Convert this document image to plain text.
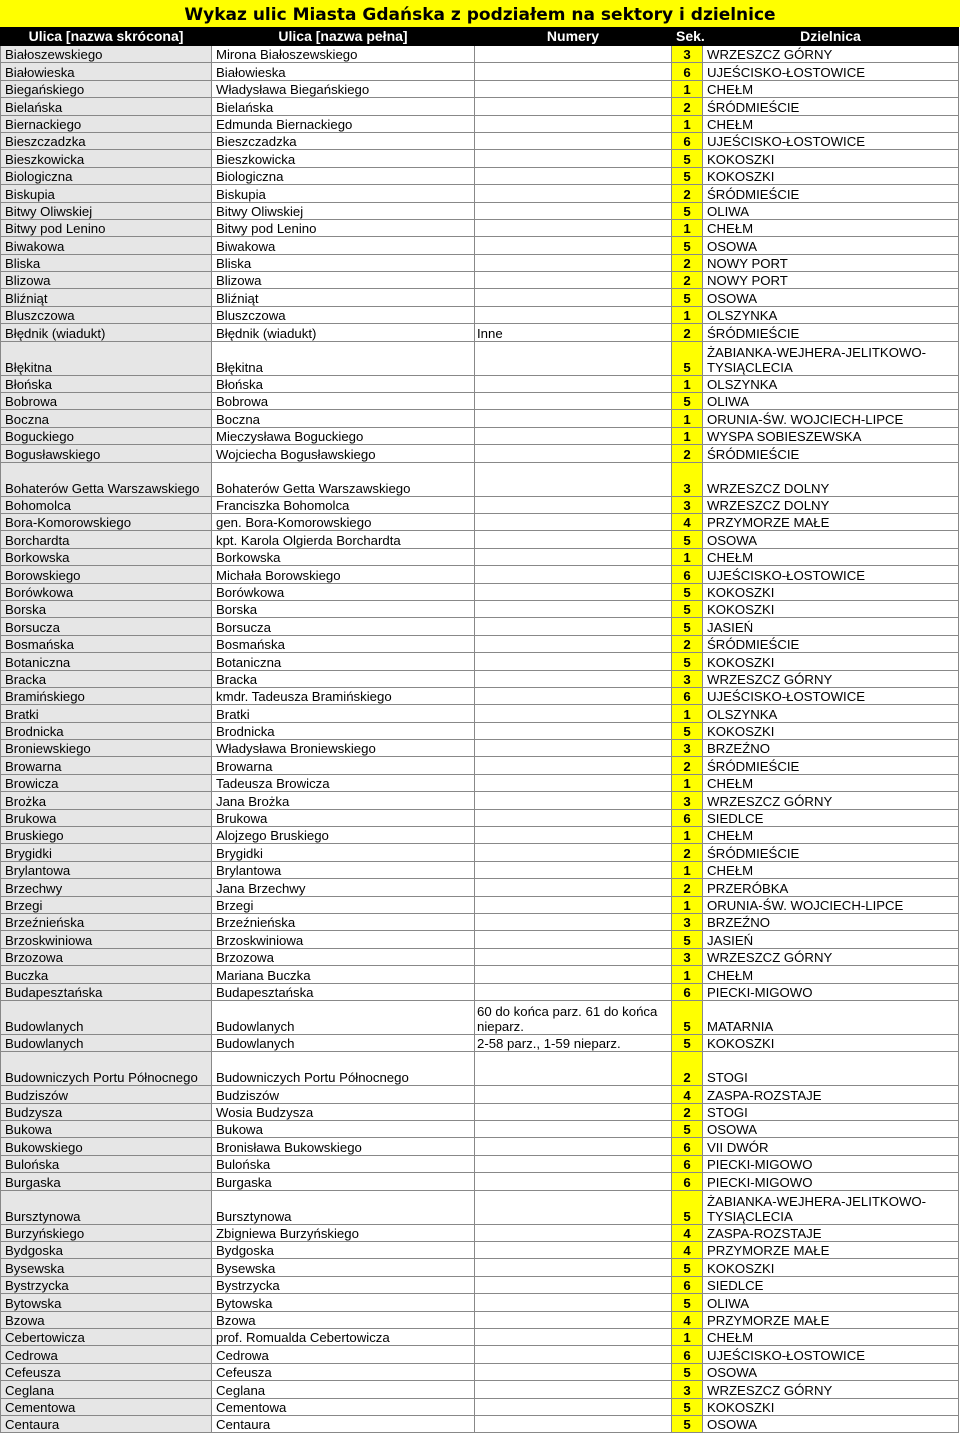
Wykaz ulic Miasta Gdańska z podziałem na sektory i dzielnice
Ulica [nazwa skrócona]	Ulica [nazwa pełna]	Numery	Sek.	Dzielnica
Białoszewskiego	Mirona Białoszewskiego		3	WRZESZCZ GÓRNY
Białowieska	Białowieska		6	UJEŚCISKO-ŁOSTOWICE
Biegańskiego	Władysława Biegańskiego		1	CHEŁM
Bielańska	Bielańska		2	ŚRÓDMIEŚCIE
Biernackiego	Edmunda Biernackiego		1	CHEŁM
Bieszczadzka	Bieszczadzka		6	UJEŚCISKO-ŁOSTOWICE
Bieszkowicka	Bieszkowicka		5	KOKOSZKI
Biologiczna	Biologiczna		5	KOKOSZKI
Biskupia	Biskupia		2	ŚRÓDMIEŚCIE
Bitwy Oliwskiej	Bitwy Oliwskiej		5	OLIWA
Bitwy pod Lenino	Bitwy pod Lenino		1	CHEŁM
Biwakowa	Biwakowa		5	OSOWA
Bliska	Bliska		2	NOWY PORT
Blizowa	Blizowa		2	NOWY PORT
Bliźniąt	Bliźniąt		5	OSOWA
Bluszczowa	Bluszczowa		1	OLSZYNKA
Błędnik (wiadukt)	Błędnik (wiadukt)	Inne	2	ŚRÓDMIEŚCIE
Błękitna	Błękitna		5	ŻABIANKA-WEJHERA-JELITKOWO-TYSIĄCLECIA
Błońska	Błońska		1	OLSZYNKA
Bobrowa	Bobrowa		5	OLIWA
Boczna	Boczna		1	ORUNIA-ŚW. WOJCIECH-LIPCE
Boguckiego	Mieczysława Boguckiego		1	WYSPA SOBIESZEWSKA
Bogusławskiego	Wojciecha Bogusławskiego		2	ŚRÓDMIEŚCIE
Bohaterów Getta Warszawskiego	Bohaterów Getta Warszawskiego		3	WRZESZCZ DOLNY
Bohomolca	Franciszka Bohomolca		3	WRZESZCZ DOLNY
Bora-Komorowskiego	gen. Bora-Komorowskiego		4	PRZYMORZE MAŁE
Borchardta	kpt. Karola Olgierda Borchardta		5	OSOWA
Borkowska	Borkowska		1	CHEŁM
Borowskiego	Michała Borowskiego		6	UJEŚCISKO-ŁOSTOWICE
Borówkowa	Borówkowa		5	KOKOSZKI
Borska	Borska		5	KOKOSZKI
Borsucza	Borsucza		5	JASIEŃ
Bosmańska	Bosmańska		2	ŚRÓDMIEŚCIE
Botaniczna	Botaniczna		5	KOKOSZKI
Bracka	Bracka		3	WRZESZCZ GÓRNY
Bramińskiego	kmdr. Tadeusza Bramińskiego		6	UJEŚCISKO-ŁOSTOWICE
Bratki	Bratki		1	OLSZYNKA
Brodnicka	Brodnicka		5	KOKOSZKI
Broniewskiego	Władysława Broniewskiego		3	BRZEŹNO
Browarna	Browarna		2	ŚRÓDMIEŚCIE
Browicza	Tadeusza Browicza		1	CHEŁM
Brożka	Jana Brożka		3	WRZESZCZ GÓRNY
Brukowa	Brukowa		6	SIEDLCE
Bruskiego	Alojzego Bruskiego		1	CHEŁM
Brygidki	Brygidki		2	ŚRÓDMIEŚCIE
Brylantowa	Brylantowa		1	CHEŁM
Brzechwy	Jana Brzechwy		2	PRZERÓBKA
Brzegi	Brzegi		1	ORUNIA-ŚW. WOJCIECH-LIPCE
Brzeźnieńska	Brzeźnieńska		3	BRZEŹNO
Brzoskwiniowa	Brzoskwiniowa		5	JASIEŃ
Brzozowa	Brzozowa		3	WRZESZCZ GÓRNY
Buczka	Mariana Buczka		1	CHEŁM
Budapesztańska	Budapesztańska		6	PIECKI-MIGOWO
Budowlanych	Budowlanych	60 do końca parz. 61 do końca nieparz.	5	MATARNIA
Budowlanych	Budowlanych	2-58 parz., 1-59 nieparz.	5	KOKOSZKI
Budowniczych Portu Północnego	Budowniczych Portu Północnego		2	STOGI
Budziszów	Budziszów		4	ZASPA-ROZSTAJE
Budzysza	Wosia Budzysza		2	STOGI
Bukowa	Bukowa		5	OSOWA
Bukowskiego	Bronisława Bukowskiego		6	VII DWÓR
Bulońska	Bulońska		6	PIECKI-MIGOWO
Burgaska	Burgaska		6	PIECKI-MIGOWO
Bursztynowa	Bursztynowa		5	ŻABIANKA-WEJHERA-JELITKOWO-TYSIĄCLECIA
Burzyńskiego	Zbigniewa Burzyńskiego		4	ZASPA-ROZSTAJE
Bydgoska	Bydgoska		4	PRZYMORZE MAŁE
Bysewska	Bysewska		5	KOKOSZKI
Bystrzycka	Bystrzycka		6	SIEDLCE
Bytowska	Bytowska		5	OLIWA
Bzowa	Bzowa		4	PRZYMORZE MAŁE
Cebertowicza	prof. Romualda Cebertowicza		1	CHEŁM
Cedrowa	Cedrowa		6	UJEŚCISKO-ŁOSTOWICE
Cefeusza	Cefeusza		5	OSOWA
Ceglana	Ceglana		3	WRZESZCZ GÓRNY
Cementowa	Cementowa		5	KOKOSZKI
Centaura	Centaura		5	OSOWA
